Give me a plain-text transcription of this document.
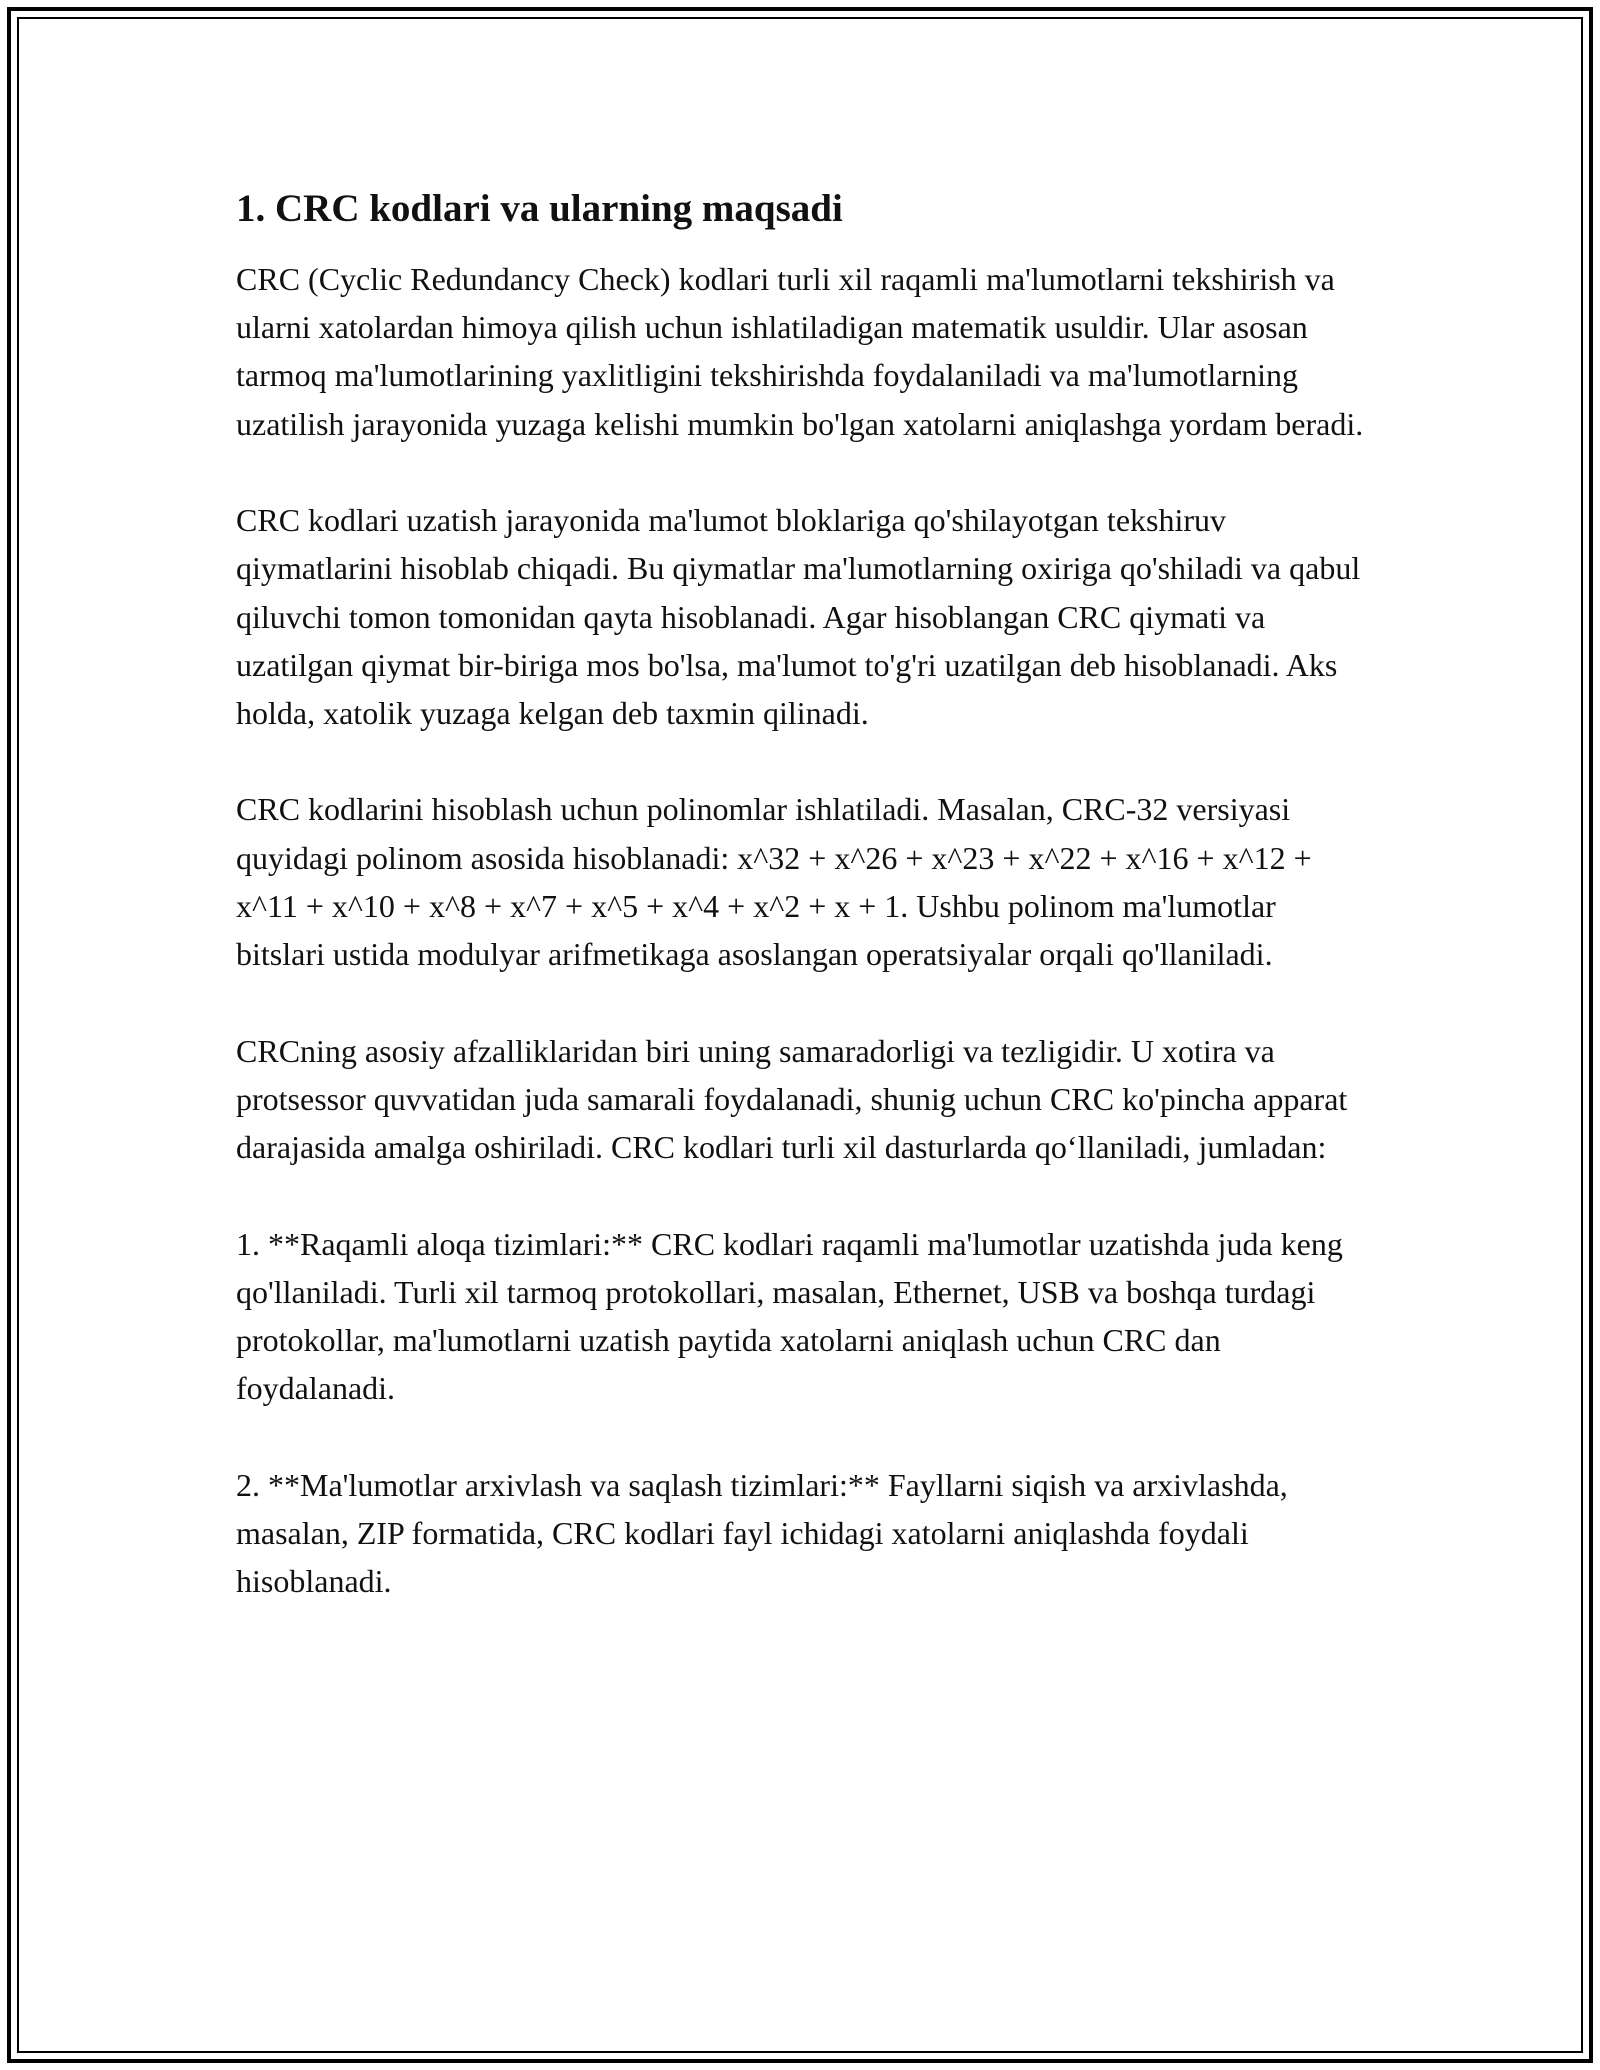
1. CRC kodlari va ularning maqsadi

CRC (Cyclic Redundancy Check) kodlari turli xil raqamli ma'lumotlarni tekshirish va ularni xatolardan himoya qilish uchun ishlatiladigan matematik usuldir. Ular asosan tarmoq ma'lumotlarining yaxlitligini tekshirishda foydalaniladi va ma'lumotlarning uzatilish jarayonida yuzaga kelishi mumkin bo'lgan xatolarni aniqlashga yordam beradi.

CRC kodlari uzatish jarayonida ma'lumot bloklariga qo'shilayotgan tekshiruv qiymatlarini hisoblab chiqadi. Bu qiymatlar ma'lumotlarning oxiriga qo'shiladi va qabul qiluvchi tomon tomonidan qayta hisoblanadi. Agar hisoblangan CRC qiymati va uzatilgan qiymat bir-biriga mos bo'lsa, ma'lumot to'g'ri uzatilgan deb hisoblanadi. Aks holda, xatolik yuzaga kelgan deb taxmin qilinadi.

CRC kodlarini hisoblash uchun polinomlar ishlatiladi. Masalan, CRC-32 versiyasi quyidagi polinom asosida hisoblanadi: x^32 + x^26 + x^23 + x^22 + x^16 + x^12 + x^11 + x^10 + x^8 + x^7 + x^5 + x^4 + x^2 + x + 1. Ushbu polinom ma'lumotlar bitslari ustida modulyar arifmetikaga asoslangan operatsiyalar orqali qo'llaniladi.

CRCning asosiy afzalliklaridan biri uning samaradorligi va tezligidir. U xotira va protsessor quvvatidan juda samarali foydalanadi, shunig uchun CRC ko'pincha apparat darajasida amalga oshiriladi. CRC kodlari turli xil dasturlarda qo‘llaniladi, jumladan:

1. **Raqamli aloqa tizimlari:** CRC kodlari raqamli ma'lumotlar uzatishda juda keng qo'llaniladi. Turli xil tarmoq protokollari, masalan, Ethernet, USB va boshqa turdagi protokollar, ma'lumotlarni uzatish paytida xatolarni aniqlash uchun CRC dan foydalanadi.

2. **Ma'lumotlar arxivlash va saqlash tizimlari:** Fayllarni siqish va arxivlashda, masalan, ZIP formatida, CRC kodlari fayl ichidagi xatolarni aniqlashda foydali hisoblanadi.
